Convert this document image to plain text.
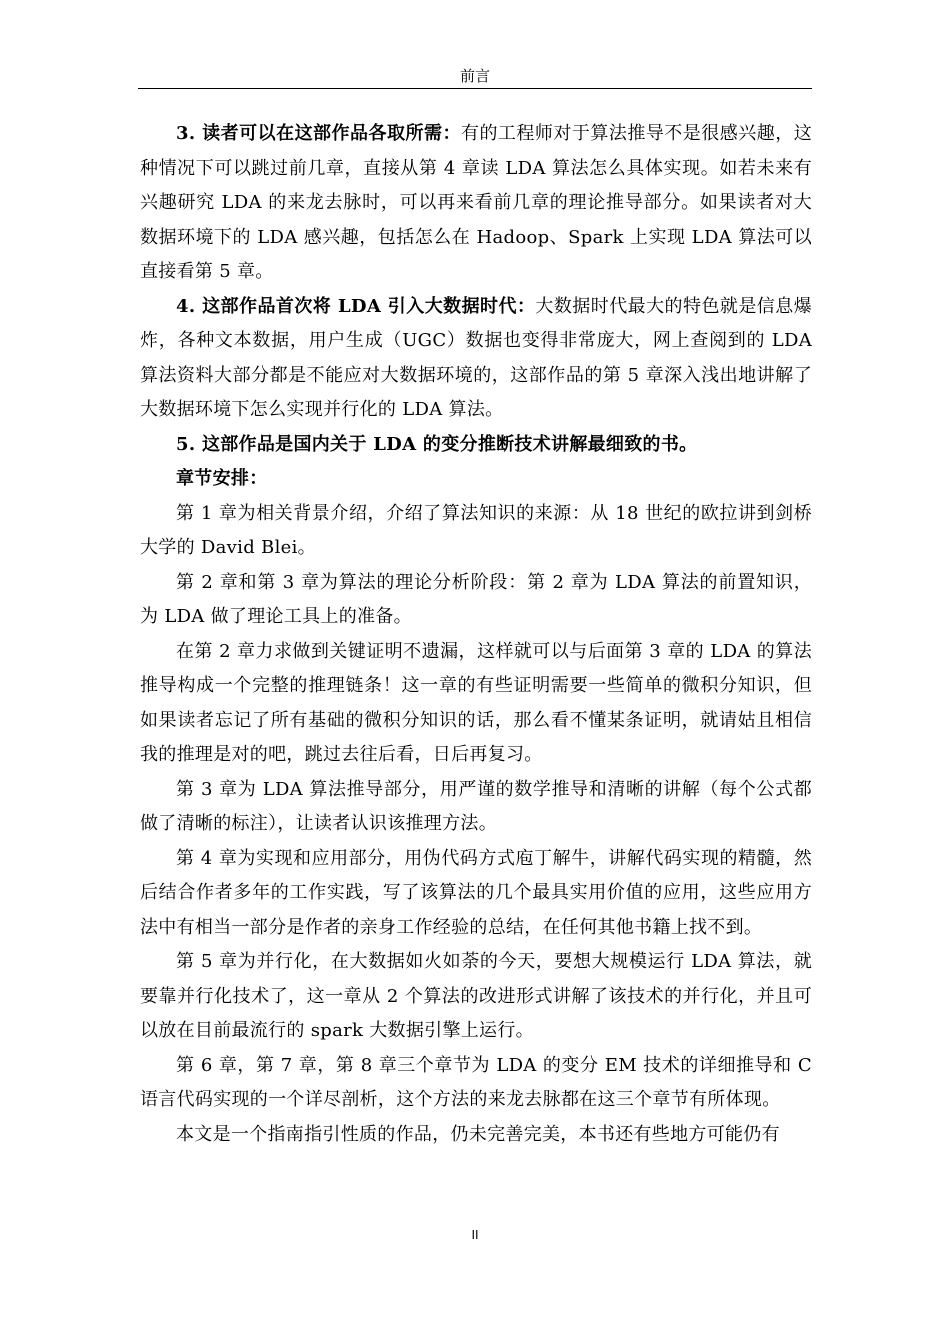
前言

3. 读者可以在这部作品各取所需：有的工程师对于算法推导不是很感兴趣，这种情况下可以跳过前几章，直接从第 4 章读 LDA 算法怎么具体实现。如若未来有兴趣研究 LDA 的来龙去脉时，可以再来看前几章的理论推导部分。如果读者对大数据环境下的 LDA 感兴趣，包括怎么在 Hadoop、Spark 上实现 LDA 算法可以直接看第 5 章。

4. 这部作品首次将 LDA 引入大数据时代：大数据时代最大的特色就是信息爆炸，各种文本数据，用户生成（UGC）数据也变得非常庞大，网上查阅到的 LDA 算法资料大部分都是不能应对大数据环境的，这部作品的第 5 章深入浅出地讲解了大数据环境下怎么实现并行化的 LDA 算法。

5. 这部作品是国内关于 LDA 的变分推断技术讲解最细致的书。

章节安排：

第 1 章为相关背景介绍，介绍了算法知识的来源：从 18 世纪的欧拉讲到剑桥大学的 David Blei。

第 2 章和第 3 章为算法的理论分析阶段：第 2 章为 LDA 算法的前置知识，为 LDA 做了理论工具上的准备。

在第 2 章力求做到关键证明不遗漏，这样就可以与后面第 3 章的 LDA 的算法推导构成一个完整的推理链条！这一章的有些证明需要一些简单的微积分知识，但如果读者忘记了所有基础的微积分知识的话，那么看不懂某条证明，就请姑且相信我的推理是对的吧，跳过去往后看，日后再复习。

第 3 章为 LDA 算法推导部分，用严谨的数学推导和清晰的讲解（每个公式都做了清晰的标注），让读者认识该推理方法。

第 4 章为实现和应用部分，用伪代码方式庖丁解牛，讲解代码实现的精髓，然后结合作者多年的工作实践，写了该算法的几个最具实用价值的应用，这些应用方法中有相当一部分是作者的亲身工作经验的总结，在任何其他书籍上找不到。

第 5 章为并行化，在大数据如火如荼的今天，要想大规模运行 LDA 算法，就要靠并行化技术了，这一章从 2 个算法的改进形式讲解了该技术的并行化，并且可以放在目前最流行的 spark 大数据引擎上运行。

第 6 章，第 7 章，第 8 章三个章节为 LDA 的变分 EM 技术的详细推导和 C 语言代码实现的一个详尽剖析，这个方法的来龙去脉都在这三个章节有所体现。

本文是一个指南指引性质的作品，仍未完善完美，本书还有些地方可能仍有

II
